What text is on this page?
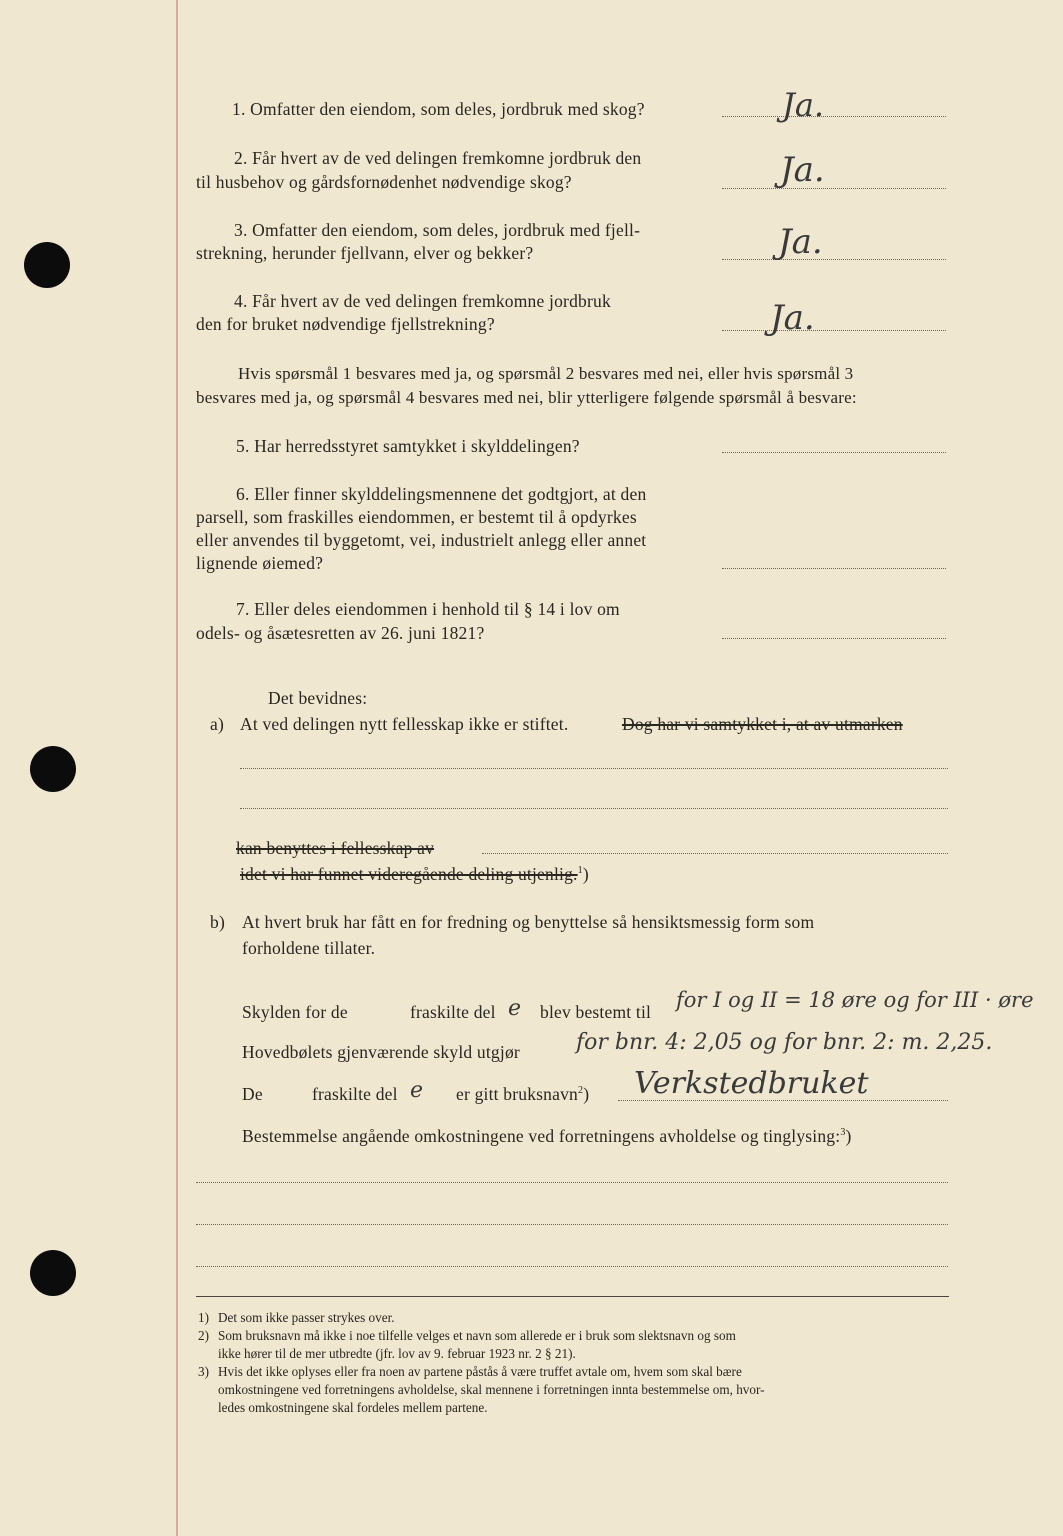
1. Omfatter den eiendom, som deles, jordbruk med skog?	Ja.
2. Får hvert av de ved delingen fremkomne jordbruk den
til husbehov og gårdsfornødenhet nødvendige skog?	Ja.
3. Omfatter den eiendom, som deles, jordbruk med fjell-
strekning, herunder fjellvann, elver og bekker?	Ja.
4. Får hvert av de ved delingen fremkomne jordbruk
den for bruket nødvendige fjellstrekning?	Ja.
Hvis spørsmål 1 besvares med ja, og spørsmål 2 besvares med nei, eller hvis spørsmål 3
besvares med ja, og spørsmål 4 besvares med nei, blir ytterligere følgende spørsmål å besvare:
5. Har herredsstyret samtykket i skylddelingen?
6. Eller finner skylddelingsmennene det godtgjort, at den
parsell, som fraskilles eiendommen, er bestemt til å opdyrkes
eller anvendes til byggetomt, vei, industrielt anlegg eller annet
lignende øiemed?
7. Eller deles eiendommen i henhold til § 14 i lov om
odels- og åsætesretten av 26. juni 1821?
Det bevidnes:
a) At ved delingen nytt fellesskap ikke er stiftet.	Dog har vi samtykket i, at av utmarken
kan benyttes i fellesskap av
idet vi har funnet videregående deling utjenlig.$^1$)
b) At hvert bruk har fått en for fredning og benyttelse så hensiktsmessig form som
forholdene tillater.
Skylden for de	fraskilte del e blev bestemt til for I og II = 18 øre og for III · øre
Hovedbølets gjenværende skyld utgjør	for bnr. 4: 2,05 og for bnr. 2: m. 2,25.
De	fraskilte del e er gitt bruksnavn$^2$) Verkstedbruket
Bestemmelse angående omkostningene ved forretningens avholdelse og tinglysing:$^3$)
1) Det som ikke passer strykes over.
2) Som bruksnavn må ikke i noe tilfelle velges et navn som allerede er i bruk som slektsnavn og som
ikke hører til de mer utbredte (jfr. lov av 9. februar 1923 nr. 2 § 21).
3) Hvis det ikke oplyses eller fra noen av partene påstås å være truffet avtale om, hvem som skal bære
omkostningene ved forretningens avholdelse, skal mennene i forretningen innta bestemmelse om, hvor-
ledes omkostningene skal fordeles mellem partene.
